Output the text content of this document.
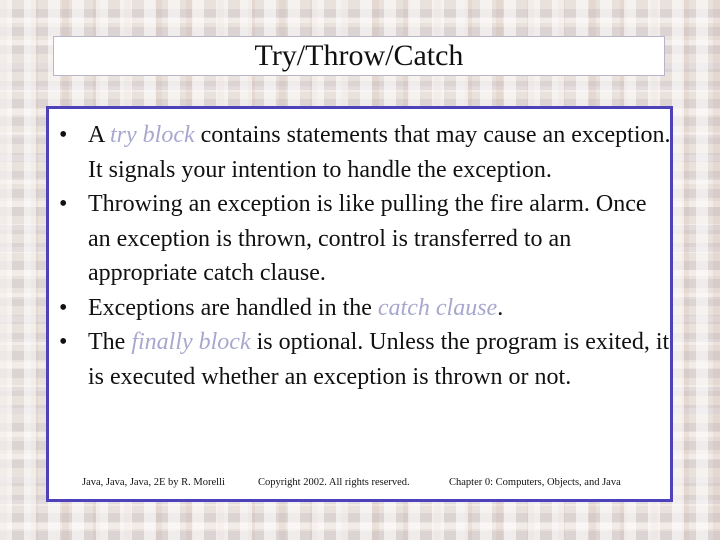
Try/Throw/Catch
• A try block contains statements that may cause an exception. It signals your intention to handle the exception.
• Throwing an exception is like pulling the fire alarm. Once an exception is thrown, control is transferred to an appropriate catch clause.
• Exceptions are handled in the catch clause.
• The finally block is optional. Unless the program is exited, it is executed whether an exception is thrown or not.
Java, Java, Java, 2E by R. Morelli	Copyright 2002. All rights reserved.	Chapter 0: Computers, Objects, and Java
